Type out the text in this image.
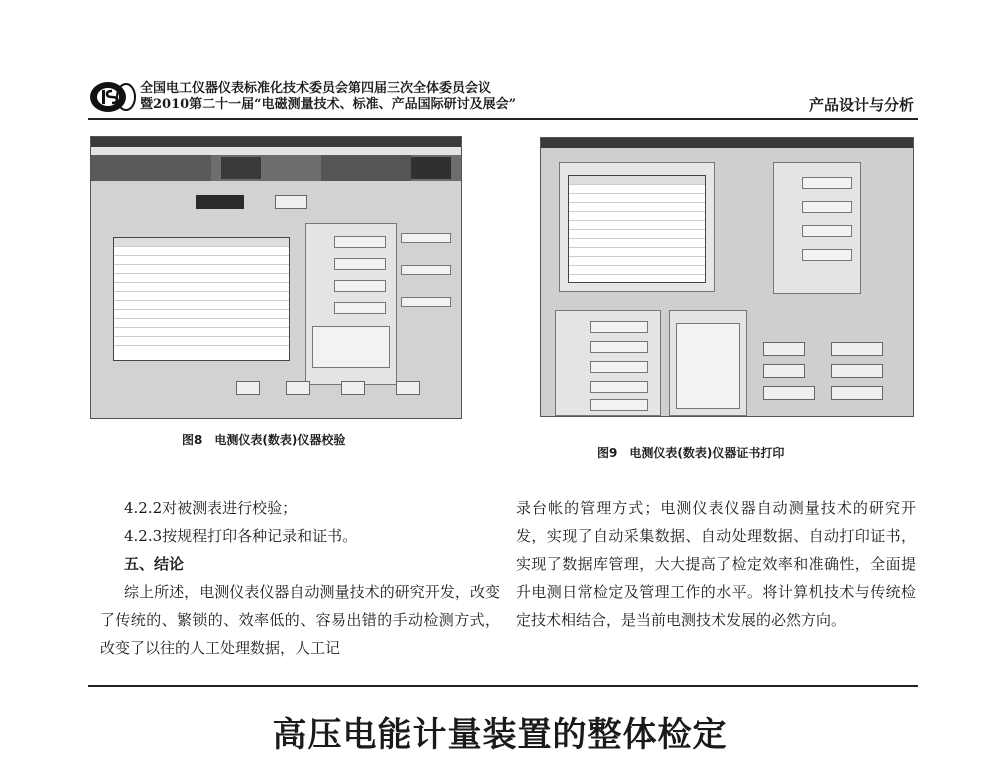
全国电工仪器仪表标准化技术委员会第四届三次全体委员会议
暨2010第二十一届“电磁测量技术、标准、产品国际研讨及展会”	产品设计与分析
图8　电测仪表(数表)仪器校验
图9　电测仪表(数表)仪器证书打印
4.2.2对被测表进行校验；
4.2.3按规程打印各种记录和证书。
五、结论
综上所述，电测仪表仪器自动测量技术的研究开发，改变了传统的、繁锁的、效率低的、容易出错的手动检测方式，改变了以往的人工处理数据，人工记
录台帐的管理方式；电测仪表仪器自动测量技术的研究开发，实现了自动采集数据、自动处理数据、自动打印证书，实现了数据库管理，大大提高了检定效率和准确性，全面提升电测日常检定及管理工作的水平。将计算机技术与传统检定技术相结合，是当前电测技术发展的必然方向。
高压电能计量装置的整体检定
